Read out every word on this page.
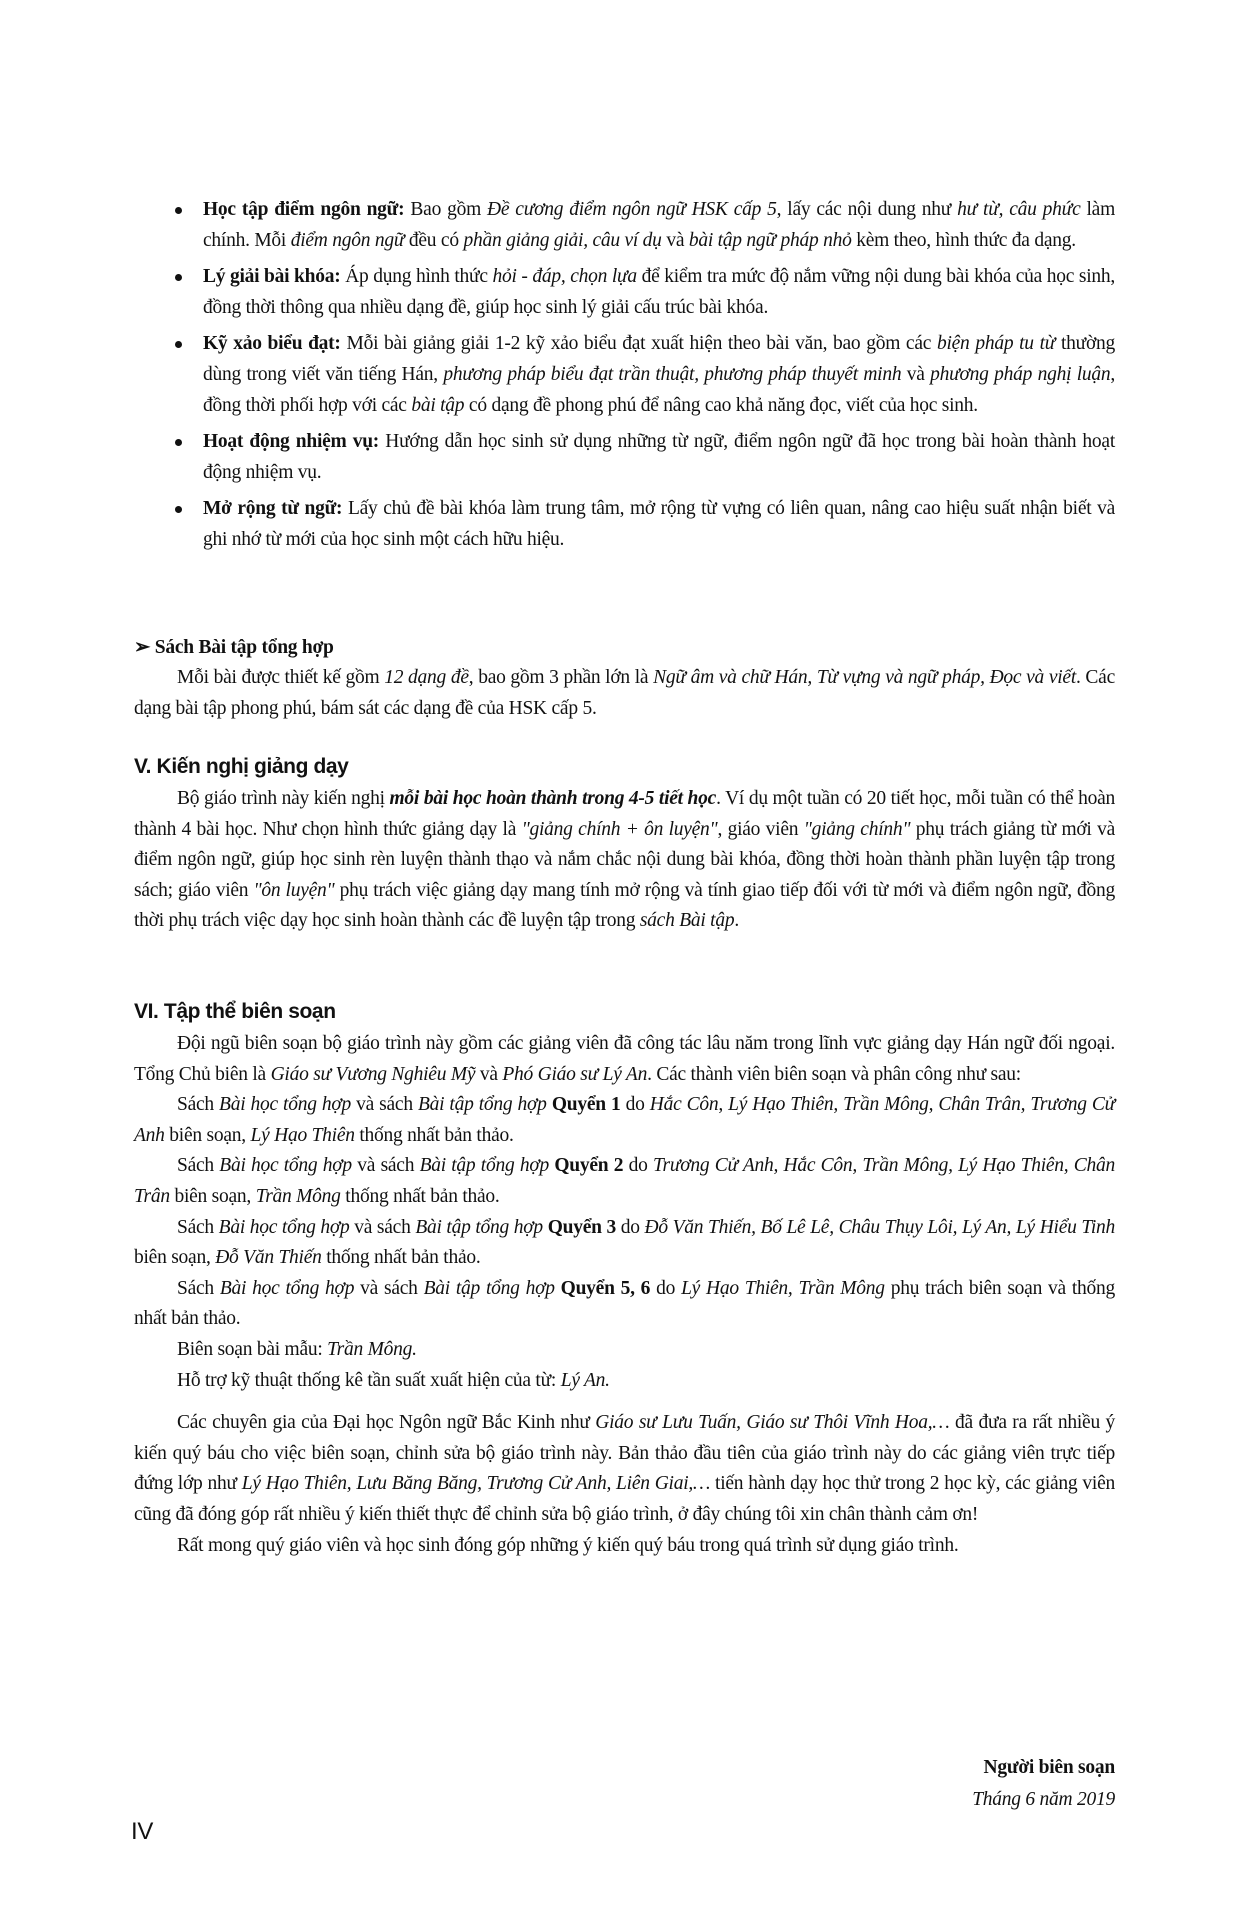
Học tập điểm ngôn ngữ: Bao gồm Đề cương điểm ngôn ngữ HSK cấp 5, lấy các nội dung như hư từ, câu phức làm chính. Mỗi điểm ngôn ngữ đều có phần giảng giải, câu ví dụ và bài tập ngữ pháp nhỏ kèm theo, hình thức đa dạng.

Lý giải bài khóa: Áp dụng hình thức hỏi - đáp, chọn lựa để kiểm tra mức độ nắm vững nội dung bài khóa của học sinh, đồng thời thông qua nhiều dạng đề, giúp học sinh lý giải cấu trúc bài khóa.

Kỹ xảo biểu đạt: Mỗi bài giảng giải 1-2 kỹ xảo biểu đạt xuất hiện theo bài văn, bao gồm các biện pháp tu từ thường dùng trong viết văn tiếng Hán, phương pháp biểu đạt trần thuật, phương pháp thuyết minh và phương pháp nghị luận, đồng thời phối hợp với các bài tập có dạng đề phong phú để nâng cao khả năng đọc, viết của học sinh.

Hoạt động nhiệm vụ: Hướng dẫn học sinh sử dụng những từ ngữ, điểm ngôn ngữ đã học trong bài hoàn thành hoạt động nhiệm vụ.

Mở rộng từ ngữ: Lấy chủ đề bài khóa làm trung tâm, mở rộng từ vựng có liên quan, nâng cao hiệu suất nhận biết và ghi nhớ từ mới của học sinh một cách hữu hiệu.

➢ Sách Bài tập tổng hợp

Mỗi bài được thiết kế gồm 12 dạng đề, bao gồm 3 phần lớn là Ngữ âm và chữ Hán, Từ vựng và ngữ pháp, Đọc và viết. Các dạng bài tập phong phú, bám sát các dạng đề của HSK cấp 5.

V. Kiến nghị giảng dạy

Bộ giáo trình này kiến nghị mỗi bài học hoàn thành trong 4-5 tiết học. Ví dụ một tuần có 20 tiết học, mỗi tuần có thể hoàn thành 4 bài học. Như chọn hình thức giảng dạy là "giảng chính + ôn luyện", giáo viên "giảng chính" phụ trách giảng từ mới và điểm ngôn ngữ, giúp học sinh rèn luyện thành thạo và nắm chắc nội dung bài khóa, đồng thời hoàn thành phần luyện tập trong sách; giáo viên "ôn luyện" phụ trách việc giảng dạy mang tính mở rộng và tính giao tiếp đối với từ mới và điểm ngôn ngữ, đồng thời phụ trách việc dạy học sinh hoàn thành các đề luyện tập trong sách Bài tập.

VI. Tập thể biên soạn

Đội ngũ biên soạn bộ giáo trình này gồm các giảng viên đã công tác lâu năm trong lĩnh vực giảng dạy Hán ngữ đối ngoại. Tổng Chủ biên là Giáo sư Vương Nghiêu Mỹ và Phó Giáo sư Lý An. Các thành viên biên soạn và phân công như sau:

Sách Bài học tổng hợp và sách Bài tập tổng hợp Quyển 1 do Hắc Côn, Lý Hạo Thiên, Trần Mông, Chân Trân, Trương Cử Anh biên soạn, Lý Hạo Thiên thống nhất bản thảo.

Sách Bài học tổng hợp và sách Bài tập tổng hợp Quyển 2 do Trương Cử Anh, Hắc Côn, Trần Mông, Lý Hạo Thiên, Chân Trân biên soạn, Trần Mông thống nhất bản thảo.

Sách Bài học tổng hợp và sách Bài tập tổng hợp Quyển 3 do Đỗ Văn Thiến, Bố Lê Lê, Châu Thụy Lôi, Lý An, Lý Hiểu Tinh biên soạn, Đỗ Văn Thiến thống nhất bản thảo.

Sách Bài học tổng hợp và sách Bài tập tổng hợp Quyển 5, 6 do Lý Hạo Thiên, Trần Mông phụ trách biên soạn và thống nhất bản thảo.

Biên soạn bài mẫu: Trần Mông.

Hỗ trợ kỹ thuật thống kê tần suất xuất hiện của từ: Lý An.

Các chuyên gia của Đại học Ngôn ngữ Bắc Kinh như Giáo sư Lưu Tuấn, Giáo sư Thôi Vĩnh Hoa,… đã đưa ra rất nhiều ý kiến quý báu cho việc biên soạn, chỉnh sửa bộ giáo trình này. Bản thảo đầu tiên của giáo trình này do các giảng viên trực tiếp đứng lớp như Lý Hạo Thiên, Lưu Băng Băng, Trương Cử Anh, Liên Giai,… tiến hành dạy học thử trong 2 học kỳ, các giảng viên cũng đã đóng góp rất nhiều ý kiến thiết thực để chỉnh sửa bộ giáo trình, ở đây chúng tôi xin chân thành cảm ơn!

Rất mong quý giáo viên và học sinh đóng góp những ý kiến quý báu trong quá trình sử dụng giáo trình.

Người biên soạn
Tháng 6 năm 2019
IV
